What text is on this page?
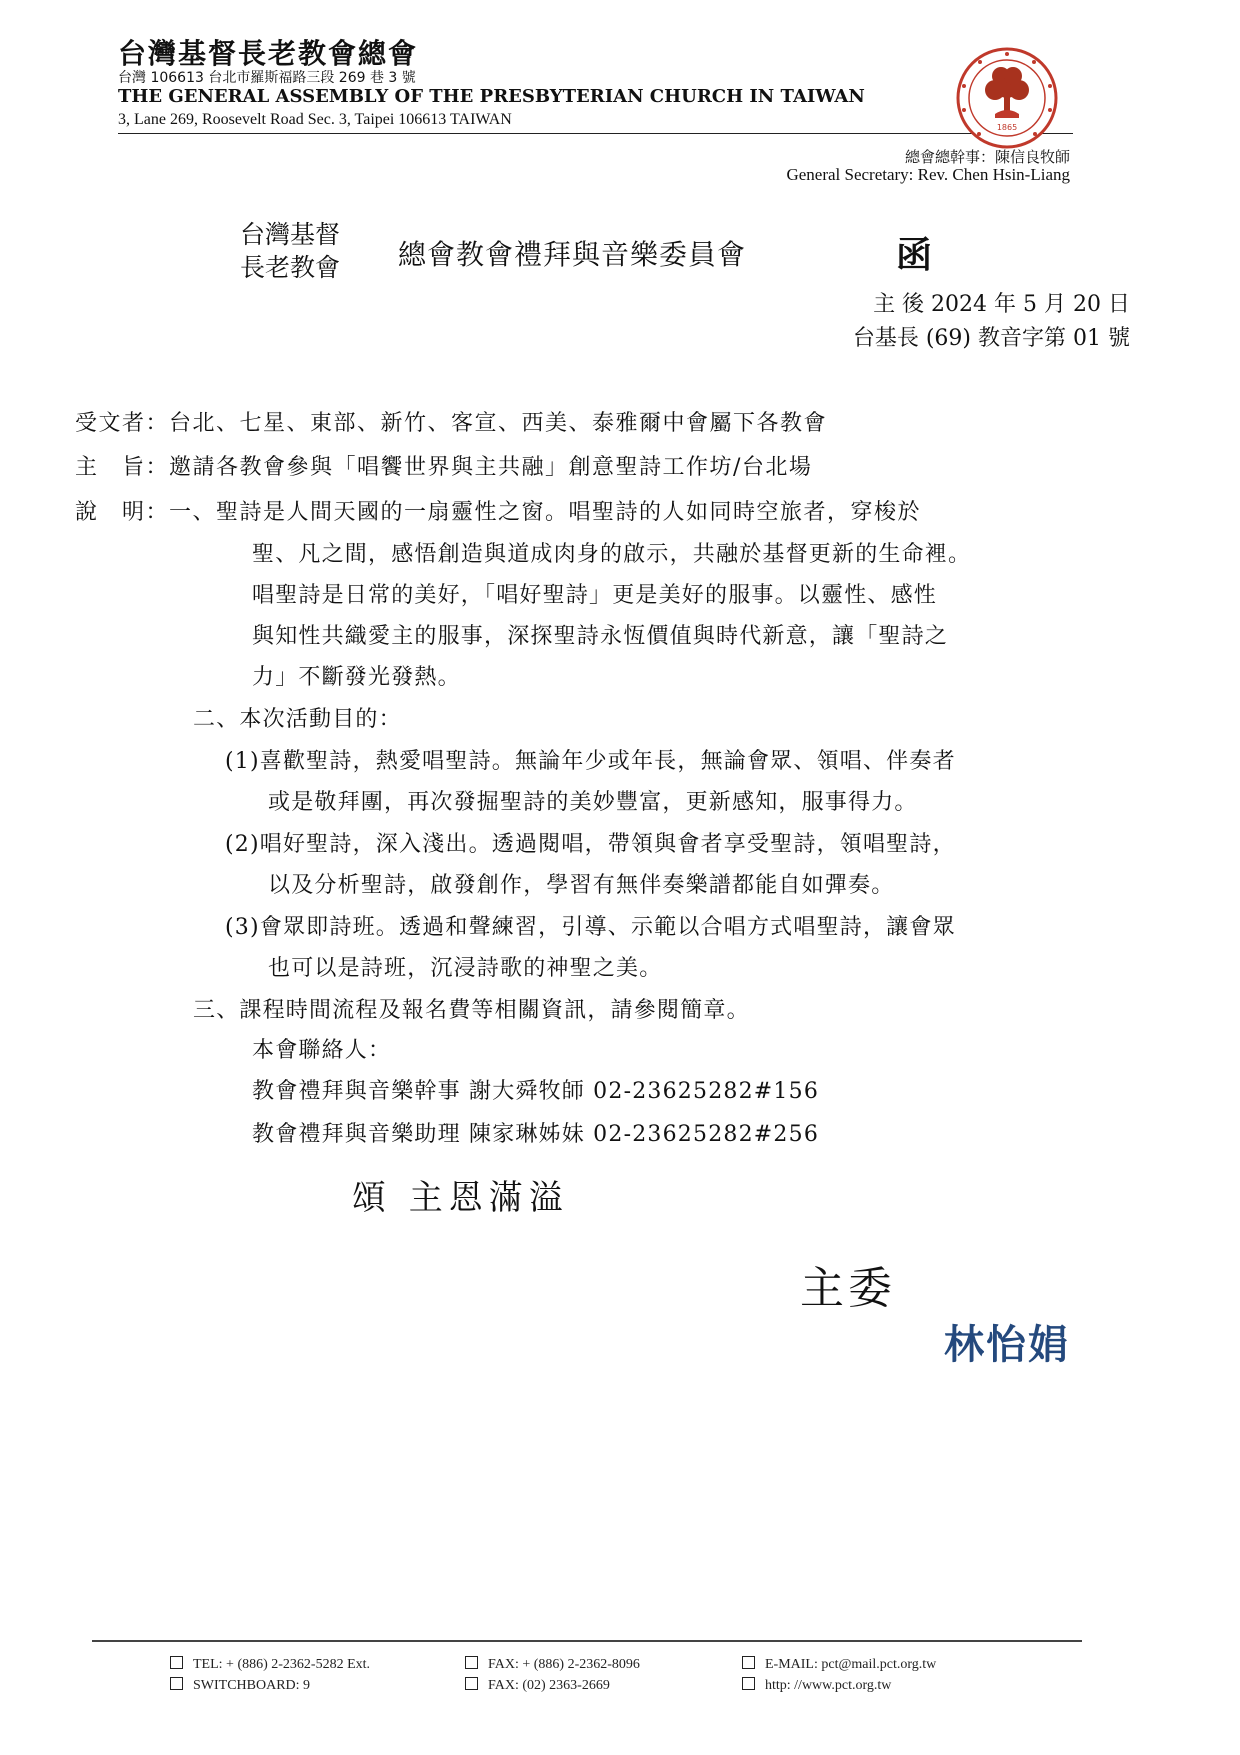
台灣基督長老教會總會
台灣 106613 台北市羅斯福路三段 269 巷 3 號
THE GENERAL ASSEMBLY OF THE PRESBYTERIAN CHURCH IN TAIWAN
3, Lane 269, Roosevelt Road Sec. 3, Taipei 106613 TAIWAN	1865
總會總幹事：陳信良牧師
General Secretary: Rev. Chen Hsin-Liang
台灣基督
長老教會 總會教會禮拜與音樂委員會	函
主 後 2024 年 5 月 20 日
台基長 (69) 教音字第 01 號
受文者：台北、七星、東部、新竹、客宣、西美、泰雅爾中會屬下各教會
主　旨：邀請各教會參與「唱饗世界與主共融」創意聖詩工作坊/台北場
說　明：一、聖詩是人間天國的一扇靈性之窗。唱聖詩的人如同時空旅者，穿梭於
聖、凡之間，感悟創造與道成肉身的啟示，共融於基督更新的生命裡。
唱聖詩是日常的美好，「唱好聖詩」更是美好的服事。以靈性、感性
與知性共織愛主的服事，深探聖詩永恆價值與時代新意，讓「聖詩之
力」不斷發光發熱。
二、本次活動目的：
(1)喜歡聖詩，熱愛唱聖詩。無論年少或年長，無論會眾、領唱、伴奏者
或是敬拜團，再次發掘聖詩的美妙豐富，更新感知，服事得力。
(2)唱好聖詩，深入淺出。透過閱唱，帶領與會者享受聖詩，領唱聖詩，
以及分析聖詩，啟發創作，學習有無伴奏樂譜都能自如彈奏。
(3)會眾即詩班。透過和聲練習，引導、示範以合唱方式唱聖詩，讓會眾
也可以是詩班，沉浸詩歌的神聖之美。
三、課程時間流程及報名費等相關資訊，請參閱簡章。
本會聯絡人：
教會禮拜與音樂幹事 謝大舜牧師 02-23625282#156
教會禮拜與音樂助理 陳家琳姊妹 02-23625282#256
頌 主恩滿溢
主委
林怡娟
TEL: + (886) 2-2362-5282 Ext.
SWITCHBOARD: 9
FAX: + (886) 2-2362-8096
FAX: (02) 2363-2669
E-MAIL: pct@mail.pct.org.tw
http: //www.pct.org.tw
